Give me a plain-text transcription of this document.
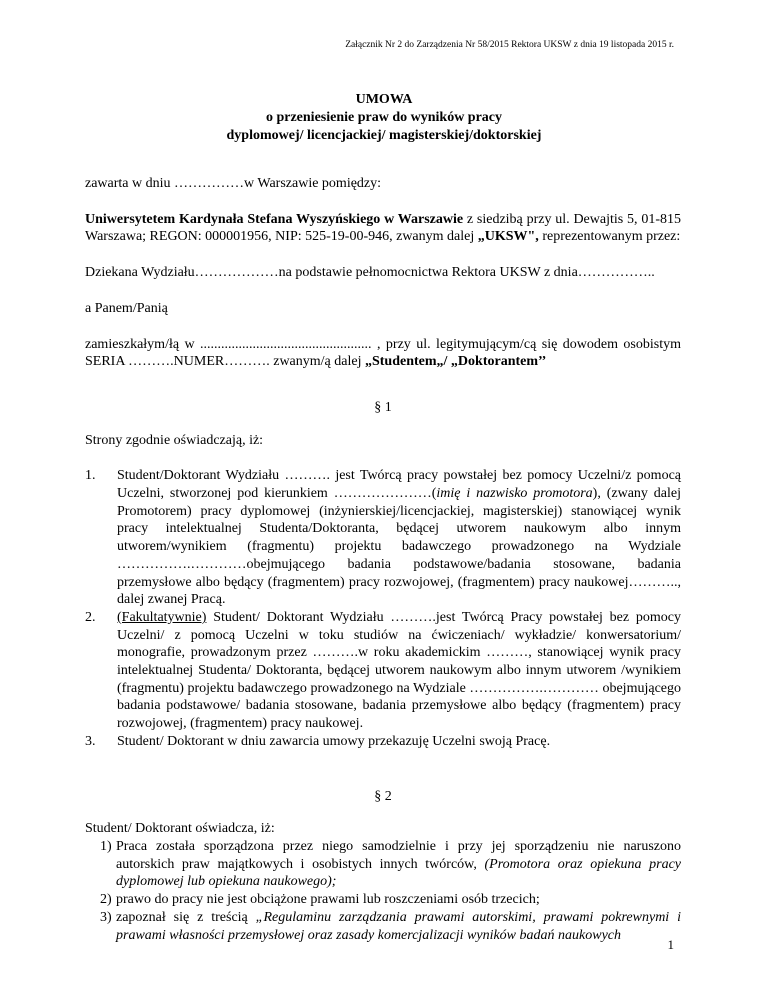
Załącznik Nr 2 do Zarządzenia Nr 58/2015 Rektora UKSW z dnia 19 listopada 2015 r.
UMOWA
o przeniesienie praw do wyników pracy
dyplomowej/ licencjackiej/ magisterskiej/doktorskiej

zawarta w dniu ……………w Warszawie pomiędzy:

Uniwersytetem Kardynała Stefana Wyszyńskiego w Warszawie z siedzibą przy ul. Dewajtis 5, 01-815 Warszawa; REGON: 000001956, NIP: 525-19-00-946, zwanym dalej „UKSW", reprezentowanym przez:

Dziekana Wydziału………………na podstawie pełnomocnictwa Rektora UKSW z dnia……………..

a Panem/Panią

zamieszkałym/łą w ................................................. , przy ul. legitymującym/cą się dowodem osobistym SERIA ……….NUMER………. zwanym/ą dalej „Studentem„/ „Doktorantem’’

§ 1

Strony zgodnie oświadczają, iż:

1. Student/Doktorant Wydziału ………. jest Twórcą pracy powstałej bez pomocy Uczelni/z pomocą Uczelni, stworzonej pod kierunkiem …………………(imię i nazwisko promotora), (zwany dalej Promotorem) pracy dyplomowej (inżynierskiej/licencjackiej, magisterskiej) stanowiącej wynik pracy intelektualnej Studenta/Doktoranta, będącej utworem naukowym albo innym utworem/wynikiem (fragmentu) projektu badawczego prowadzonego na Wydziale …………….…………obejmującego badania podstawowe/badania stosowane, badania przemysłowe albo będący (fragmentem) pracy rozwojowej, (fragmentem) pracy naukowej……….., dalej zwanej Pracą.
2. (Fakultatywnie) Student/ Doktorant Wydziału ……….jest Twórcą Pracy powstałej bez pomocy Uczelni/ z pomocą Uczelni w toku studiów na ćwiczeniach/ wykładzie/ konwersatorium/ monografie, prowadzonym przez ……….w roku akademickim ………, stanowiącej wynik pracy intelektualnej Studenta/ Doktoranta, będącej utworem naukowym albo innym utworem /wynikiem (fragmentu) projektu badawczego prowadzonego na Wydziale …………….………… obejmującego badania podstawowe/ badania stosowane, badania przemysłowe albo będący (fragmentem) pracy rozwojowej, (fragmentem) pracy naukowej.
3. Student/ Doktorant w dniu zawarcia umowy przekazuję Uczelni swoją Pracę.

§ 2

Student/ Doktorant oświadcza, iż:

1) Praca została sporządzona przez niego samodzielnie i przy jej sporządzeniu nie naruszono autorskich praw majątkowych i osobistych innych twórców, (Promotora oraz opiekuna pracy dyplomowej lub opiekuna naukowego);
2) prawo do pracy nie jest obciążone prawami lub roszczeniami osób trzecich;
3) zapoznał się z treścią „Regulaminu zarządzania prawami autorskimi, prawami pokrewnymi i prawami własności przemysłowej oraz zasady komercjalizacji wyników badań naukowych
1
